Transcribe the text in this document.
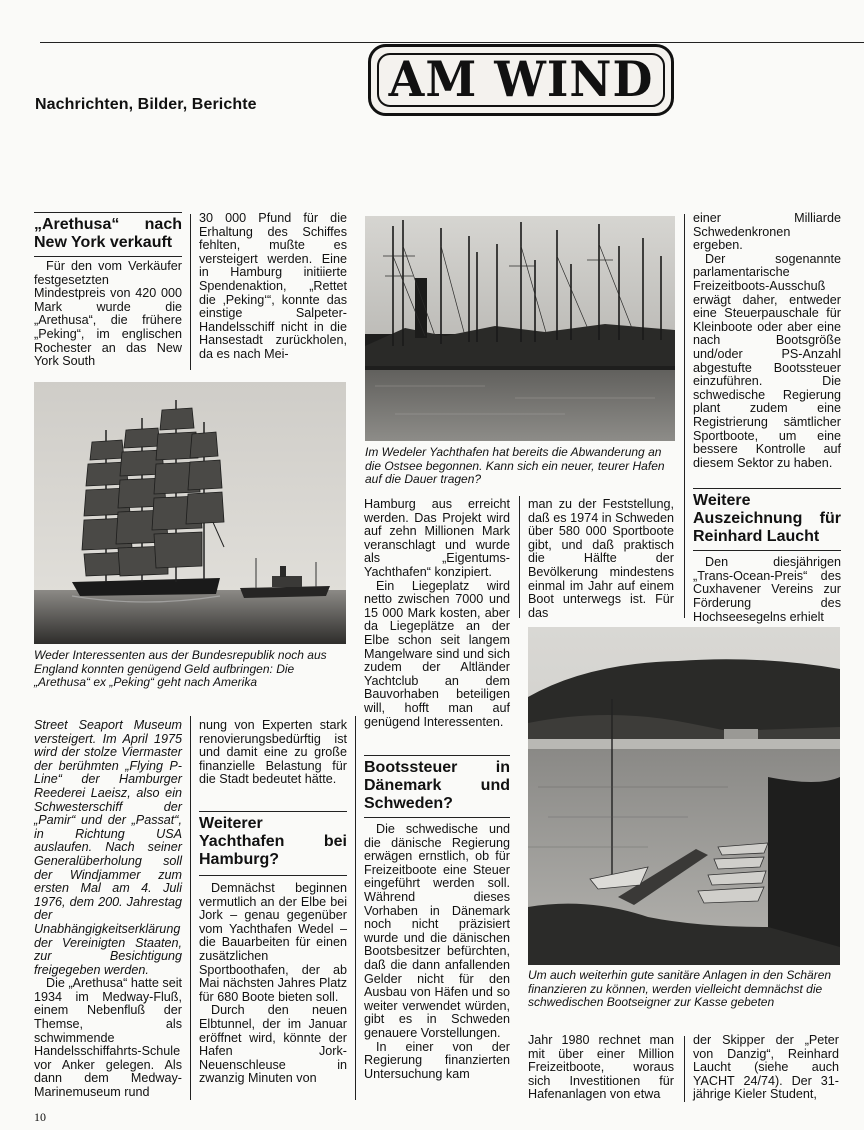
Nachrichten, Bilder, Berichte	AM WIND
„Arethusa“ nach New York verkauft

Für den vom Verkäufer festgesetzten Mindestpreis von 420 000 Mark wurde die „Arethusa“, die frühere „Peking“, im englischen Rochester an das New York South

30 000 Pfund für die Erhaltung des Schiffes fehlten, mußte es versteigert werden. Eine in Hamburg initiierte Spendenaktion, „Rettet die ‚Peking‘“, konnte das einstige Salpeter-Handelsschiff nicht in die Hansestadt zurückholen, da es nach Mei-

Weder Interessenten aus der Bundesrepublik noch aus England konnten genügend Geld aufbringen: Die „Arethusa“ ex „Peking“ geht nach Amerika

Street Seaport Museum versteigert. Im April 1975 wird der stolze Viermaster der berühmten „Flying P-Line“ der Hamburger Reederei Laeisz, also ein Schwesterschiff der „Pamir“ und der „Passat“, in Richtung USA auslaufen. Nach seiner Generalüberholung soll der Windjammer zum ersten Mal am 4. Juli 1976, dem 200. Jahrestag der Unabhängigkeitserklärung der Vereinigten Staaten, zur Besichtigung freigegeben werden.

Die „Arethusa“ hatte seit 1934 im Medway-Fluß, einem Nebenfluß der Themse, als schwimmende Handelsschiffahrts-Schule vor Anker gelegen. Als dann dem Medway-Marinemuseum rund

nung von Experten stark renovierungsbedürftig ist und damit eine zu große finanzielle Belastung für die Stadt bedeutet hätte.

Weiterer Yachthafen bei Hamburg?

Demnächst beginnen vermutlich an der Elbe bei Jork – genau gegenüber vom Yachthafen Wedel – die Bauarbeiten für einen zusätzlichen Sportboothafen, der ab Mai nächsten Jahres Platz für 680 Boote bieten soll.

Durch den neuen Elbtunnel, der im Januar eröffnet wird, könnte der Hafen Jork-Neuenschleuse in zwanzig Minuten von

Im Wedeler Yachthafen hat bereits die Abwanderung an die Ostsee begonnen. Kann sich ein neuer, teurer Hafen auf die Dauer tragen?

Hamburg aus erreicht werden. Das Projekt wird auf zehn Millionen Mark veranschlagt und wurde als „Eigentums-Yachthafen“ konzipiert.

Ein Liegeplatz wird netto zwischen 7000 und 15 000 Mark kosten, aber da Liegeplätze an der Elbe schon seit langem Mangelware sind und sich zudem der Altländer Yachtclub an dem Bauvorhaben beteiligen will, hofft man auf genügend Interessenten.

Bootssteuer in Dänemark und Schweden?

Die schwedische und die dänische Regierung erwägen ernstlich, ob für Freizeitboote eine Steuer eingeführt werden soll. Während dieses Vorhaben in Dänemark noch nicht präzisiert wurde und die dänischen Bootsbesitzer befürchten, daß die dann anfallenden Gelder nicht für den Ausbau von Häfen und so weiter verwendet würden, gibt es in Schweden genauere Vorstellungen.

In einer von der Regierung finanzierten Untersuchung kam

man zu der Feststellung, daß es 1974 in Schweden über 580 000 Sportboote gibt, und daß praktisch die Hälfte der Bevölkerung mindestens einmal im Jahr auf einem Boot unterwegs ist. Für das

einer Milliarde Schwedenkronen ergeben.

Der sogenannte parlamentarische Freizeitboots-Ausschuß erwägt daher, entweder eine Steuerpauschale für Kleinboote oder aber eine nach Bootsgröße und/oder PS-Anzahl abgestufte Bootssteuer einzuführen. Die schwedische Regierung plant zudem eine Registrierung sämtlicher Sportboote, um eine bessere Kontrolle auf diesem Sektor zu haben.

Weitere Auszeichnung für Reinhard Laucht

Den diesjährigen „Trans-Ocean-Preis“ des Cuxhavener Vereins zur Förderung des Hochseesegelns erhielt

Um auch weiterhin gute sanitäre Anlagen in den Schären finanzieren zu können, werden vielleicht demnächst die schwedischen Bootseigner zur Kasse gebeten

Jahr 1980 rechnet man mit über einer Million Freizeitboote, woraus sich Investitionen für Hafenanlagen von etwa

der Skipper der „Peter von Danzig“, Reinhard Laucht (siehe auch YACHT 24/74). Der 31-jährige Kieler Student,

10
